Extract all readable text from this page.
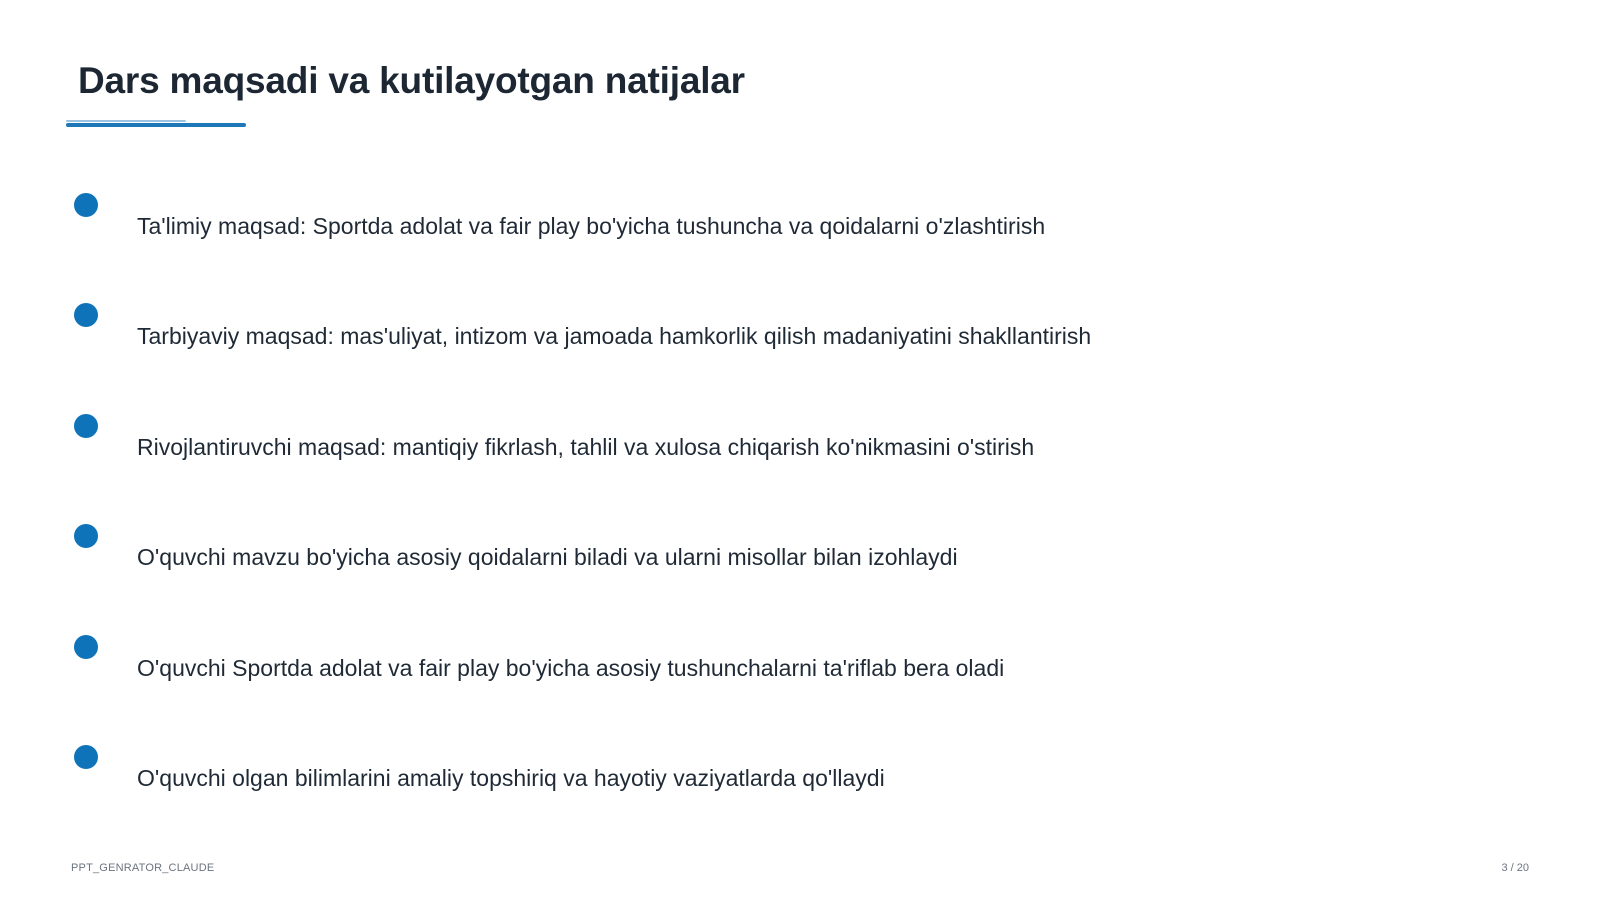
Dars maqsadi va kutilayotgan natijalar
Ta'limiy maqsad: Sportda adolat va fair play bo'yicha tushuncha va qoidalarni o'zlashtirish
Tarbiyaviy maqsad: mas'uliyat, intizom va jamoada hamkorlik qilish madaniyatini shakllantirish
Rivojlantiruvchi maqsad: mantiqiy fikrlash, tahlil va xulosa chiqarish ko'nikmasini o'stirish
O'quvchi mavzu bo'yicha asosiy qoidalarni biladi va ularni misollar bilan izohlaydi
O'quvchi Sportda adolat va fair play bo'yicha asosiy tushunchalarni ta'riflab bera oladi
O'quvchi olgan bilimlarini amaliy topshiriq va hayotiy vaziyatlarda qo'llaydi
PPT_GENRATOR_CLAUDE	3 / 20
